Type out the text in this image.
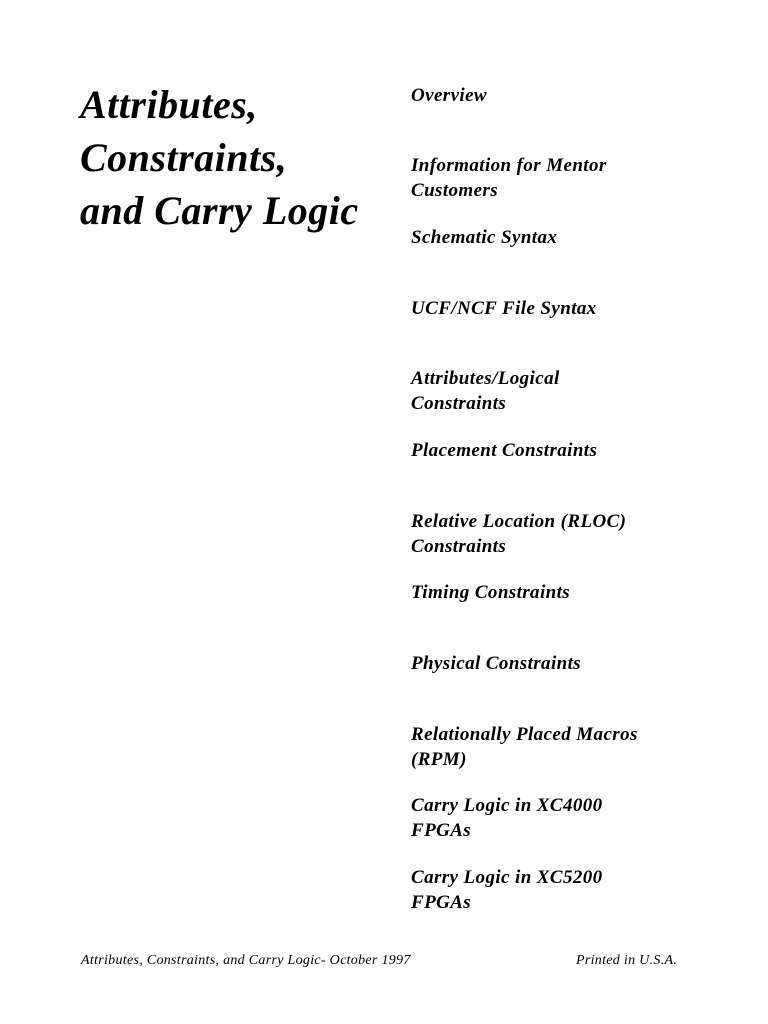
Attributes,
Constraints,
and Carry Logic
Overview
Information for Mentor
Customers
Schematic Syntax
UCF/NCF File Syntax
Attributes/Logical
Constraints
Placement Constraints
Relative Location (RLOC)
Constraints
Timing Constraints
Physical Constraints
Relationally Placed Macros
(RPM)
Carry Logic in XC4000
FPGAs
Carry Logic in XC5200
FPGAs
Attributes, Constraints, and Carry Logic- October 1997	Printed in U.S.A.
